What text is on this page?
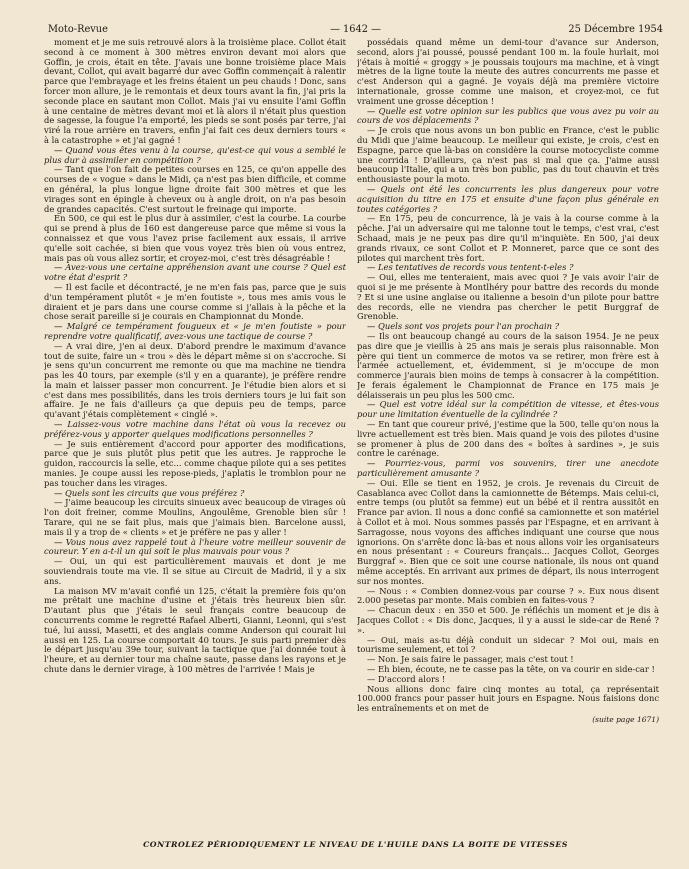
Moto-Revue	— 1642 —	25 Décembre 1954

moment et je me suis retrouvé alors à la troisième place. Collot était second à ce moment à 300 mètres environ devant moi alors que Goffin, je crois, était en tête. J'avais une bonne troisième place Mais devant, Collot, qui avait bagarré dur avec Goffin commençait à ralentir parce que l'embrayage et les freins étaient un peu chauds ! Donc, sans forcer mon allure, je le remontais et deux tours avant la fin, j'ai pris la seconde place en sautant mon Collot. Mais j'ai vu ensuite l'ami Goffin à une centaine de mètres devant moi et là alors il n'était plus question de sagesse, la fougue l'a emporté, les pieds se sont posés par terre, j'ai viré la roue arrière en travers, enfin j'ai fait ces deux derniers tours « à la catastrophe » et j'ai gagné !

— Quand vous êtes venu à la course, qu'est-ce qui vous a semblé le plus dur à assimiler en compétition ?

— Tant que l'on fait de petites courses en 125, ce qu'on appelle des courses de « vogue » dans le Midi, ça n'est pas bien difficile, et comme en général, la plus longue ligne droite fait 300 mètres et que les virages sont en épingle à cheveux ou à angle droit, on n'a pas besoin de grandes capacités. C'est surtout le freinage qui importe.

En 500, ce qui est le plus dur à assimiler, c'est la courbe. La courbe qui se prend à plus de 160 est dangereuse parce que même si vous la connaissez et que vous l'avez prise facilement aux essais, il arrive qu'elle soit cachée, si bien que vous voyez très bien où vous entrez, mais pas où vous allez sortir, et croyez-moi, c'est très désagréable !

— Avez-vous une certaine appréhension avant une course ? Quel est votre état d'esprit ?

— Il est facile et décontracté, je ne m'en fais pas, parce que je suis d'un tempérament plutôt « je m'en foutiste », tous mes amis vous le diraient et je pars dans une course comme si j'allais à la pêche et la chose serait pareille si je courais en Championnat du Monde.

— Malgré ce tempérament fougueux et « je m'en foutiste » pour reprendre votre qualificatif, avez-vous une tactique de course ?

— A vrai dire, j'en ai deux. D'abord prendre le maximum d'avance tout de suite, faire un « trou » dès le départ même si on s'accroche. Si je sens qu'un concurrent me remonte ou que ma machine ne tiendra pas les 40 tours, par exemple (s'il y en a quarante), je préfère rendre la main et laisser passer mon concurrent. Je l'étudie bien alors et si c'est dans mes possibilités, dans les trois derniers tours je lui fait son affaire. Je ne fais d'ailleurs ça que depuis peu de temps, parce qu'avant j'étais complètement « cinglé ».

— Laissez-vous votre machine dans l'état où vous la recevez ou préférez-vous y apporter quelques modifications personnelles ?

— Je suis entièrement d'accord pour apporter des modifications, parce que je suis plutôt plus petit que les autres. Je rapproche le guidon, raccourcis la selle, etc... comme chaque pilote qui a ses petites manies. Je coupe aussi les repose-pieds, j'aplatis le tromblon pour ne pas toucher dans les virages.

— Quels sont les circuits que vous préférez ?

— J'aime beaucoup les circuits sinueux avec beaucoup de virages où l'on doit freiner, comme Moulins, Angoulême, Grenoble bien sûr ! Tarare, qui ne se fait plus, mais que j'aimais bien. Barcelone aussi, mais il y a trop de « clients » et je préfère ne pas y aller !

— Vous nous avez rappelé tout à l'heure votre meilleur souvenir de coureur. Y en a-t-il un qui soit le plus mauvais pour vous ?

— Oui, un qui est particulièrement mauvais et dont je me souviendrais toute ma vie. Il se situe au Circuit de Madrid, il y a six ans.

La maison MV m'avait confié un 125, c'était la première fois qu'on me prêtait une machine d'usine et j'étais très heureux bien sûr. D'autant plus que j'étais le seul français contre beaucoup de concurrents comme le regretté Rafael Alberti, Gianni, Leonni, qui s'est tué, lui aussi, Masetti, et des anglais comme Anderson qui courait lui aussi en 125. La course comportait 40 tours. Je suis parti premier dès le départ jusqu'au 39e tour, suivant la tactique que j'ai donnée tout à l'heure, et au dernier tour ma chaîne saute, passe dans les rayons et je chute dans le dernier virage, à 100 mètres de l'arrivée ! Mais je

possédais quand même un demi-tour d'avance sur Anderson, second, alors j'ai poussé, poussé pendant 100 m. la foule hurlait, moi j'étais à moitié « groggy » je poussais toujours ma machine, et à vingt mètres de la ligne toute la meute des autres concurrents me passe et c'est Anderson qui a gagné. Je voyais déjà ma première victoire internationale, grosse comme une maison, et croyez-moi, ce fut vraiment une grosse déception !

— Quelle est votre opinion sur les publics que vous avez pu voir au cours de vos déplacements ?

— Je crois que nous avons un bon public en France, c'est le public du Midi que j'aime beaucoup. Le meilleur qui existe, je crois, c'est en Espagne, parce que là-bas on considère la course motocycliste comme une corrida ! D'ailleurs, ça n'est pas si mal que ça. J'aime aussi beaucoup l'Italie, qui a un très bon public, pas du tout chauvin et très enthousiaste pour la moto.

— Quels ont été les concurrents les plus dangereux pour votre acquisition du titre en 175 et ensuite d'une façon plus générale en toutes catégories ?

— En 175, peu de concurrence, là je vais à la course comme à la pêche. J'ai un adversaire qui me talonne tout le temps, c'est vrai, c'est Schaad, mais je ne peux pas dire qu'il m'inquiète. En 500, j'ai deux grands rivaux, ce sont Collot et P. Monneret, parce que ce sont des pilotes qui marchent très fort.

— Les tentatives de records vous tentent-t-eles ?

— Oui, elles me tenteraient, mais avec quoi ? Je vais avoir l'air de quoi si je me présente à Montlhéry pour battre des records du monde ? Et si une usine anglaise ou italienne a besoin d'un pilote pour battre des records, elle ne viendra pas chercher le petit Burggraf de Grenoble.

— Quels sont vos projets pour l'an prochain ?

— Ils ont beaucoup changé au cours de la saison 1954. Je ne peux pas dire que je vieillis à 25 ans mais je serais plus raisonnable. Mon père qui tient un commerce de motos va se retirer, mon frère est à l'armée actuellement, et, évidemment, si je m'occupe de mon commerce j'aurais bien moins de temps à consacrer à la compétition. Je ferais également le Championnat de France en 175 mais je délaisserais un peu plus les 500 cmc.

— Quel est votre idéal sur la compétition de vitesse, et êtes-vous pour une limitation éventuelle de la cylindrée ?

— En tant que coureur privé, j'estime que la 500, telle qu'on nous la livre actuellement est très bien. Mais quand je vois des pilotes d'usine se promener à plus de 200 dans des « boîtes à sardines », je suis contre le carénage.

— Pourriez-vous, parmi vos souvenirs, tirer une anecdote particulièrement amusante ?

— Oui. Elle se tient en 1952, je crois. Je revenais du Circuit de Casablanca avec Collot dans la camionnette de Bétemps. Mais celui-ci, entre temps (ou plutôt sa femme) eut un bébé et il rentra aussitôt en France par avion. Il nous a donc confié sa camionnette et son matériel à Collot et à moi. Nous sommes passés par l'Espagne, et en arrivant à Sarragosse, nous voyons des affiches indiquant une course que nous ignorions. On s'arrête donc là-bas et nous allons voir les organisateurs en nous présentant : « Coureurs français... Jacques Collot, Georges Burggraf ». Bien que ce soit une course nationale, ils nous ont quand même acceptés. En arrivant aux primes de départ, ils nous interrogent sur nos montes.

— Nous : « Combien donnez-vous par course ? ». Eux nous disent 2.000 pesetas par monte. Mais combien en faites-vous ?

— Chacun deux : en 350 et 500. Je réfléchis un moment et je dis à Jacques Collot : « Dis donc, Jacques, il y a aussi le side-car de René ? ».

— Oui, mais as-tu déjà conduit un sidecar ? Moi oui, mais en tourisme seulement, et toi ?

— Non. Je sais faire le passager, mais c'est tout !

— Eh bien, écoute, ne te casse pas la tête, on va courir en side-car !

— D'accord alors !

Nous allions donc faire cinq montes au total, ça représentait 100.000 francs pour passer huit jours en Espagne. Nous faisions donc les entraînements et on met de

(suite page 1671)
CONTROLEZ PÉRIODIQUEMENT LE NIVEAU DE L'HUILE DANS LA BOITE DE VITESSES
